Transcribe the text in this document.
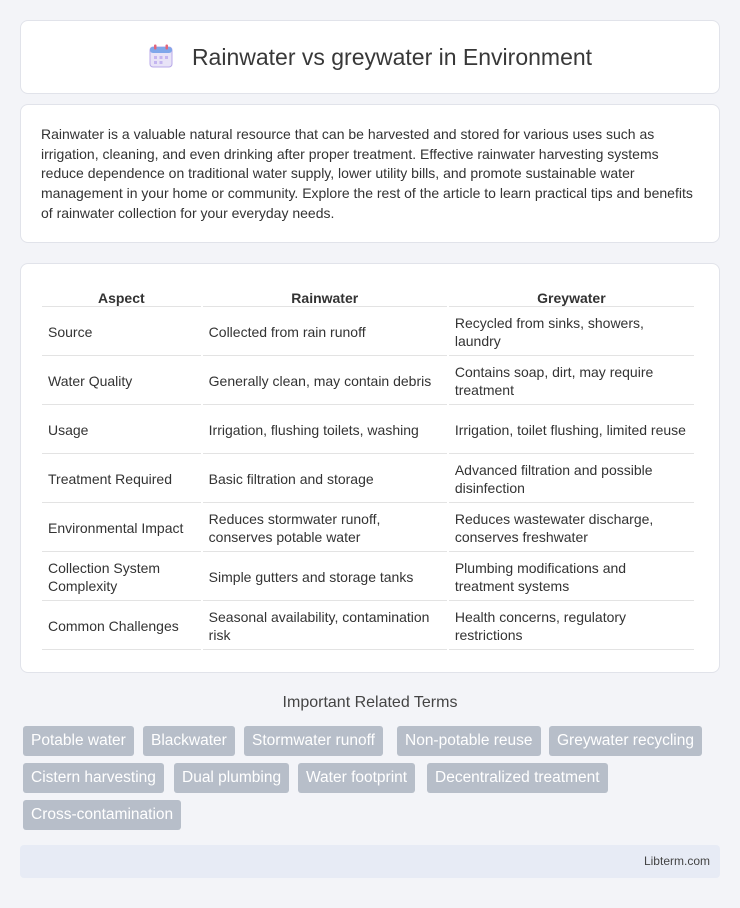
Rainwater vs greywater in Environment

Rainwater is a valuable natural resource that can be harvested and stored for various uses such as irrigation, cleaning, and even drinking after proper treatment. Effective rainwater harvesting systems reduce dependence on traditional water supply, lower utility bills, and promote sustainable water management in your home or community. Explore the rest of the article to learn practical tips and benefits of rainwater collection for your everyday needs.

Aspect	Rainwater	Greywater
Source	Collected from rain runoff	Recycled from sinks, showers, laundry
Water Quality	Generally clean, may contain debris	Contains soap, dirt, may require treatment
Usage	Irrigation, flushing toilets, washing	Irrigation, toilet flushing, limited reuse
Treatment Required	Basic filtration and storage	Advanced filtration and possible disinfection
Environmental Impact	Reduces stormwater runoff, conserves potable water	Reduces wastewater discharge, conserves freshwater
Collection System Complexity	Simple gutters and storage tanks	Plumbing modifications and treatment systems
Common Challenges	Seasonal availability, contamination risk	Health concerns, regulatory restrictions
Important Related Terms
Potable water	Blackwater	Stormwater runoff	Non-potable reuse	Greywater recycling
Cistern harvesting	Dual plumbing	Water footprint	Decentralized treatment
Cross-contamination
Libterm.com
